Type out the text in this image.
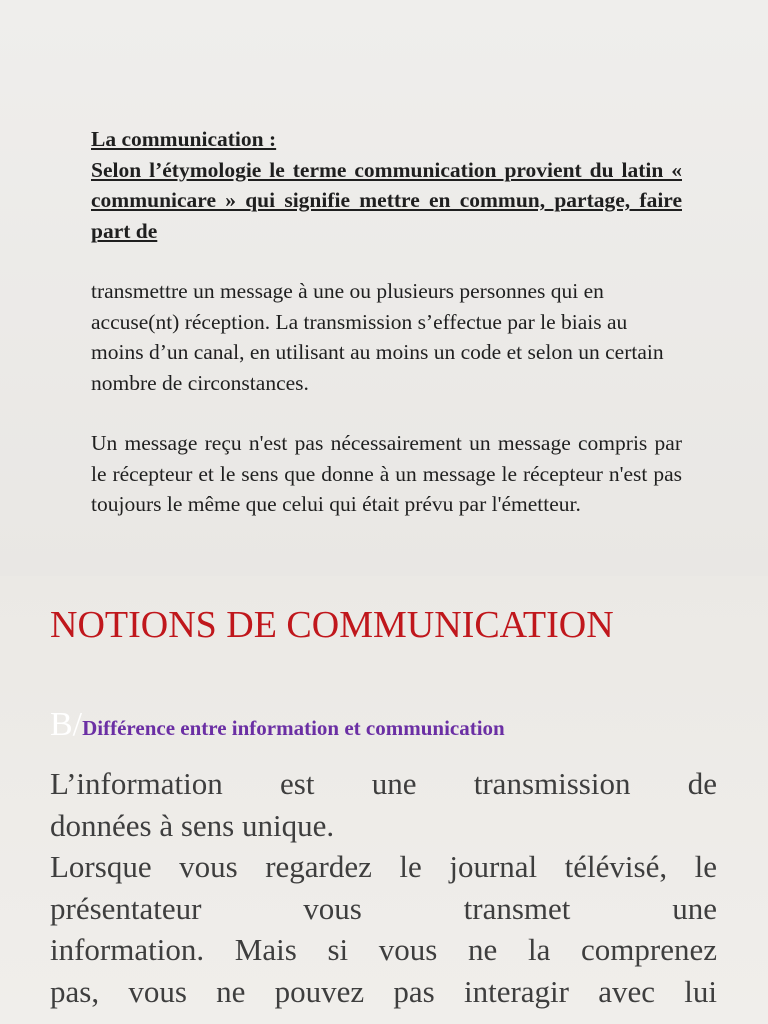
La communication :

Selon l’étymologie le terme communication provient du latin « communicare » qui signifie mettre en commun, partage, faire part de

transmettre un message à une ou plusieurs personnes qui en accuse(nt) réception. La transmission s’effectue par le biais au moins d’un canal, en utilisant au moins un code et selon un certain nombre de circonstances.

Un message reçu n'est pas nécessairement un message compris par le récepteur et le sens que donne à un message le récepteur n'est pas toujours le même que celui qui était prévu par l'émetteur.

NOTIONS DE COMMUNICATION

B/Différence entre information et communication

L’information est une transmission de
données à sens unique.
Lorsque vous regardez le journal télévisé, le
présentateur vous transmet une
information. Mais si vous ne la comprenez
pas, vous ne pouvez pas interagir avec lui
